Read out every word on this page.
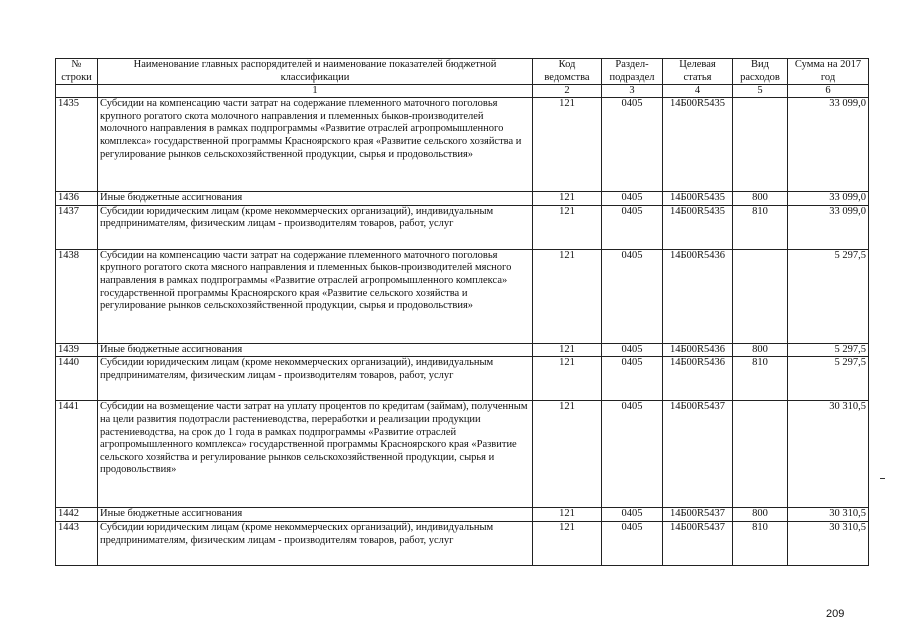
№ строки	Наименование главных распорядителей и наименование показателей бюджетной классификации	Код ведомства	Раздел-подраздел	Целевая статья	Вид расходов	Сумма на 2017 год
	1	2	3	4	5	6
1435	Субсидии на компенсацию части затрат на содержание племенного маточного поголовья крупного рогатого скота молочного направления и племенных быков-производителей молочного направления в рамках подпрограммы «Развитие отраслей агропромышленного комплекса» государственной программы Красноярского края «Развитие сельского хозяйства и регулирование рынков сельскохозяйственной продукции, сырья и продовольствия»	121	0405	14Б00R5435		33 099,0
1436	Иные бюджетные ассигнования	121	0405	14Б00R5435	800	33 099,0
1437	Субсидии юридическим лицам (кроме некоммерческих организаций), индивидуальным предпринимателям, физическим лицам - производителям товаров, работ, услуг	121	0405	14Б00R5435	810	33 099,0
1438	Субсидии на компенсацию части затрат на содержание племенного маточного поголовья крупного рогатого скота мясного направления и племенных быков-производителей мясного направления в рамках подпрограммы «Развитие отраслей агропромышленного комплекса» государственной программы Красноярского края «Развитие сельского хозяйства и регулирование рынков сельскохозяйственной продукции, сырья и продовольствия»	121	0405	14Б00R5436		5 297,5
1439	Иные бюджетные ассигнования	121	0405	14Б00R5436	800	5 297,5
1440	Субсидии юридическим лицам (кроме некоммерческих организаций), индивидуальным предпринимателям, физическим лицам - производителям товаров, работ, услуг	121	0405	14Б00R5436	810	5 297,5
1441	Субсидии на возмещение части затрат на уплату процентов по кредитам (займам), полученным на цели развития подотрасли растениеводства, переработки и реализации продукции растениеводства, на срок до 1 года в рамках подпрограммы «Развитие отраслей агропромышленного комплекса» государственной программы Красноярского края «Развитие сельского хозяйства и регулирование рынков сельскохозяйственной продукции, сырья и продовольствия»	121	0405	14Б00R5437		30 310,5
1442	Иные бюджетные ассигнования	121	0405	14Б00R5437	800	30 310,5
1443	Субсидии юридическим лицам (кроме некоммерческих организаций), индивидуальным предпринимателям, физическим лицам - производителям товаров, работ, услуг	121	0405	14Б00R5437	810	30 310,5
209
